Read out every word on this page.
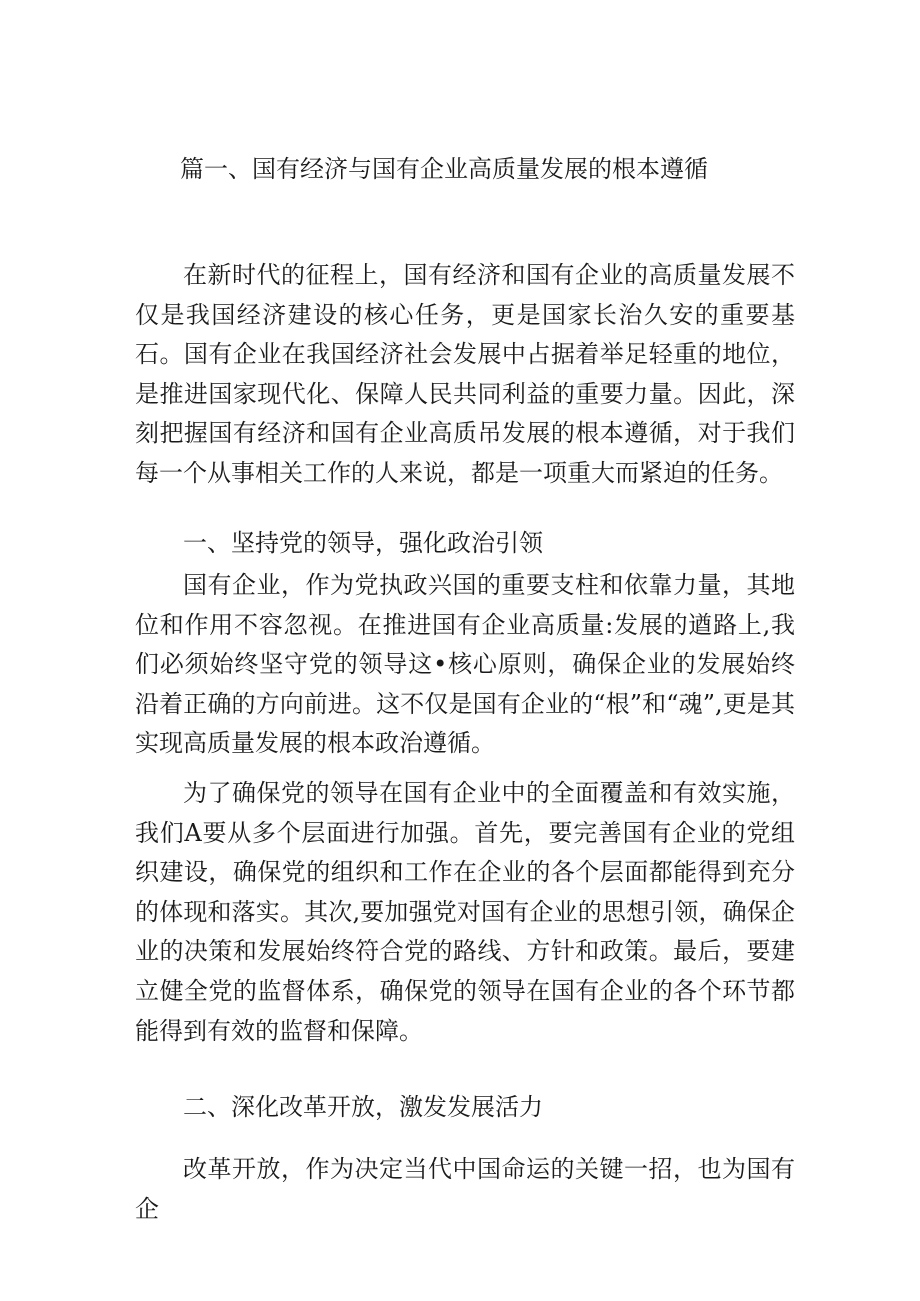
篇一、国有经济与国有企业高质量发展的根本遵循

在新时代的征程上，国有经济和国有企业的高质量发展不仅是我国经济建设的核心任务，更是国家长治久安的重要基石。国有企业在我国经济社会发展中占据着举足轻重的地位，是推进国家现代化、保障人民共同利益的重要力量。因此，深刻把握国有经济和国有企业高质吊发展的根本遵循，对于我们每一个从事相关工作的人来说，都是一项重大而紧迫的任务。

一、坚持党的领导，强化政治引领

国有企业，作为党执政兴国的重要支柱和依靠力量，其地位和作用不容忽视。在推进国有企业高质量:发展的遒路上,我们必须始终坚守党的领导这•核心原则，确保企业的发展始终沿着正确的方向前进。这不仅是国有企业的“根”和“魂”,更是其实现高质量发展的根本政治遵循。

为了确保党的领导在国有企业中的全面覆盖和有效实施，我们A要从多个层面进行加强。首先，要完善国有企业的党组织建设，确保党的组织和工作在企业的各个层面都能得到充分的体现和落实。其次,要加强党对国有企业的思想引领，确保企业的决策和发展始终符合党的路线、方针和政策。最后，要建立健全党的监督体系，确保党的领导在国有企业的各个环节都能得到有效的监督和保障。

二、深化改革开放，激发发展活力

改革开放，作为决定当代中国命运的关键一招，也为国有企
